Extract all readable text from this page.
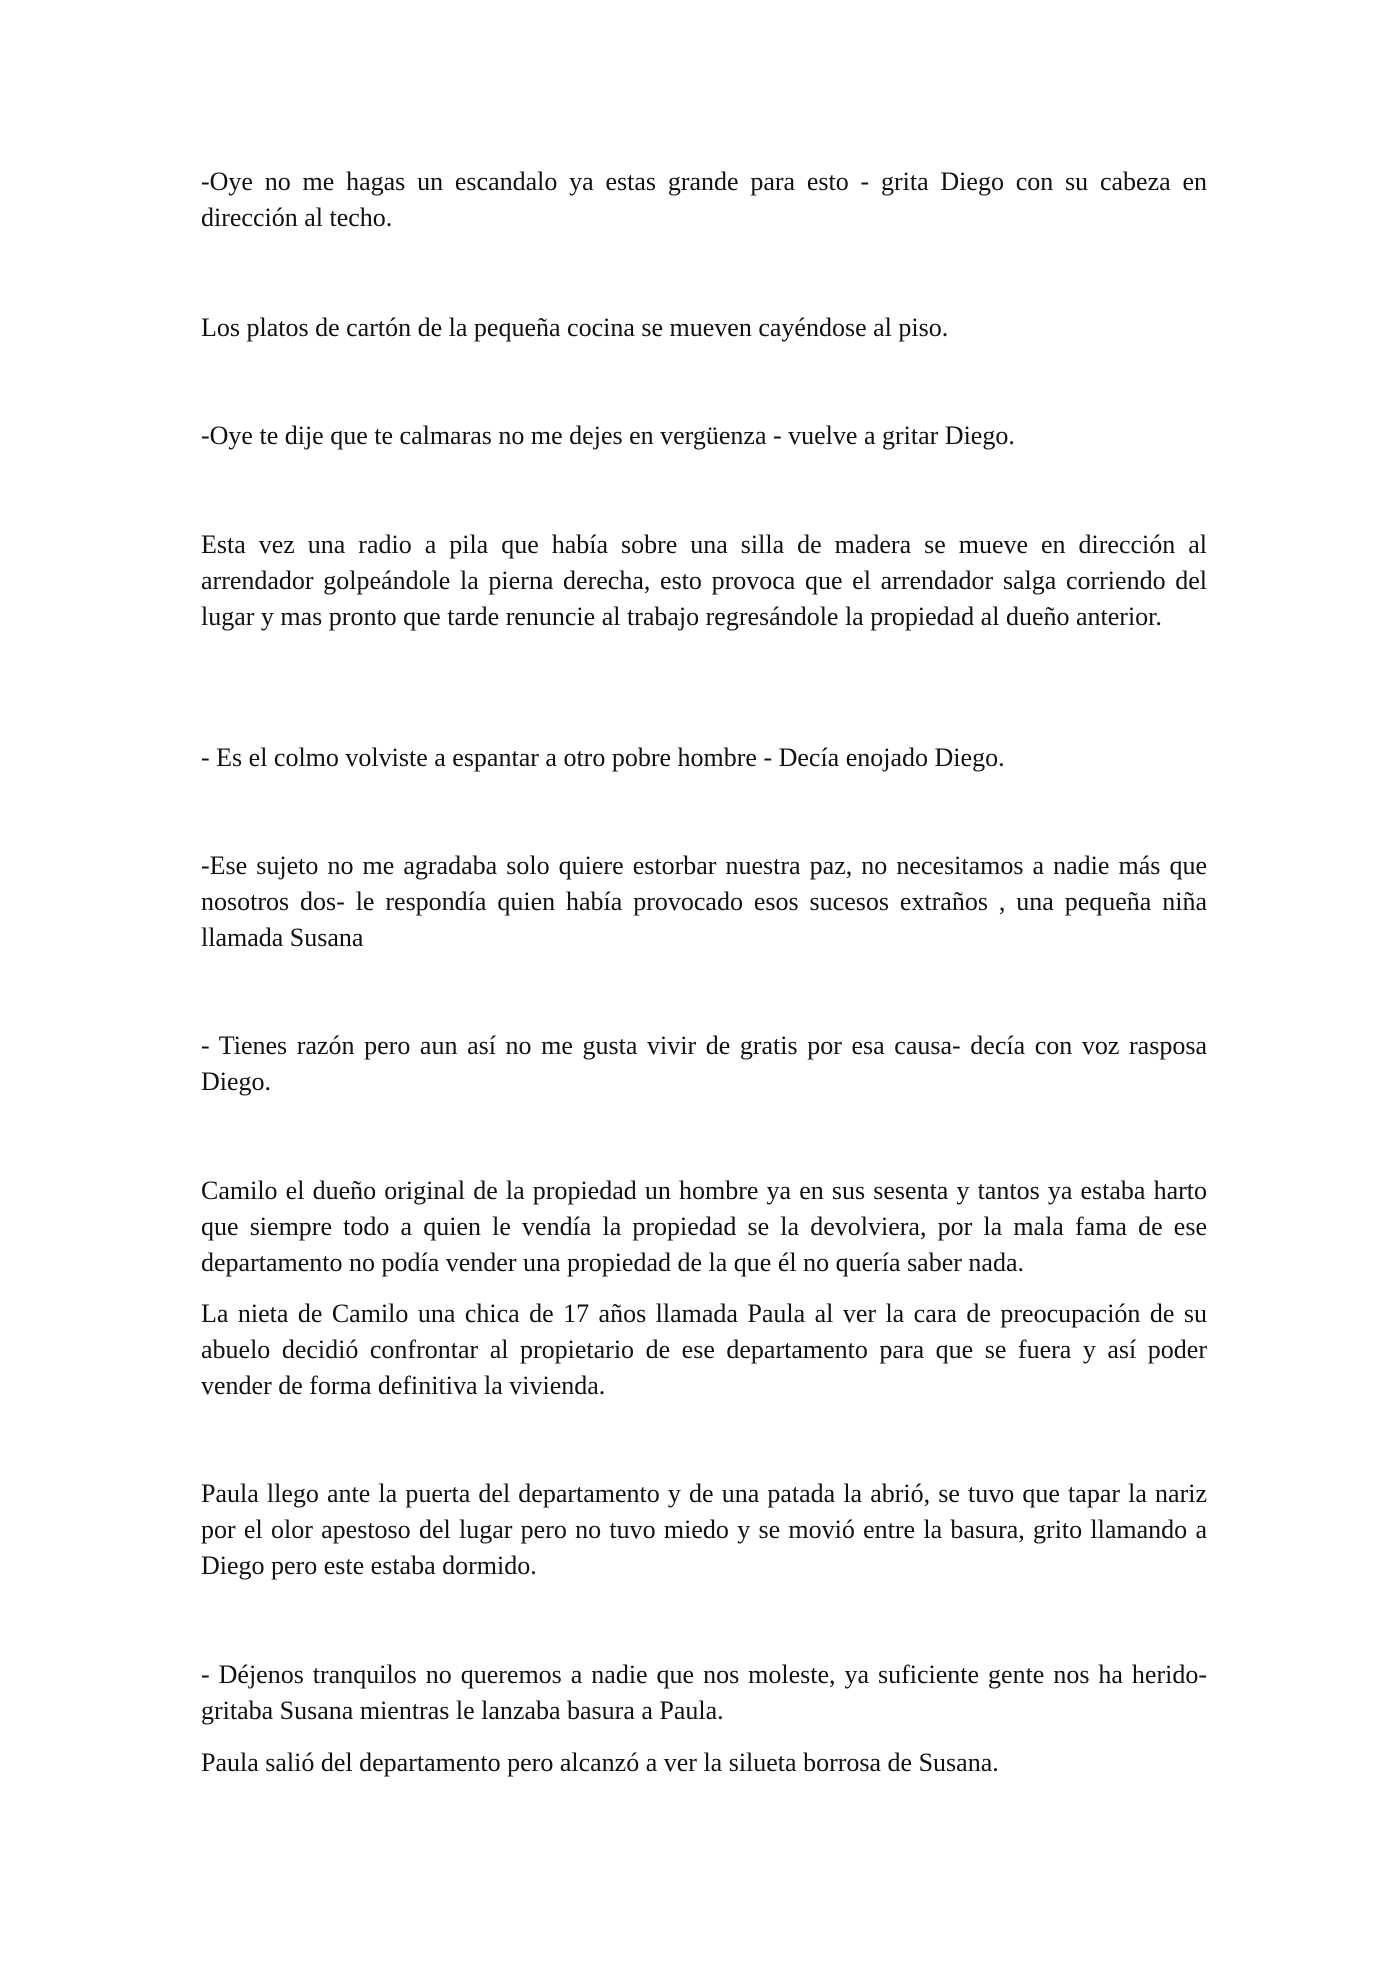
-Oye no me hagas un escandalo ya estas grande para esto - grita Diego con su cabeza en dirección al techo.

Los platos de cartón de la pequeña cocina se mueven cayéndose al piso.

-Oye te dije que te calmaras no me dejes en vergüenza - vuelve a gritar Diego.

Esta vez una radio a pila que había sobre una silla de madera se mueve en dirección al arrendador golpeándole la pierna derecha, esto provoca que el arrendador salga corriendo del lugar y mas pronto que tarde renuncie al trabajo regresándole la propiedad al dueño anterior.

- Es el colmo volviste a espantar a otro pobre hombre - Decía enojado Diego.

-Ese sujeto no me agradaba solo quiere estorbar nuestra paz, no necesitamos a nadie más que nosotros dos- le respondía quien había provocado esos sucesos extraños , una pequeña niña llamada Susana

- Tienes razón pero aun así no me gusta vivir de gratis por esa causa- decía con voz rasposa Diego.

Camilo el dueño original de la propiedad un hombre ya en sus sesenta y tantos ya estaba harto que siempre todo a quien le vendía la propiedad se la devolviera, por la mala fama de ese departamento no podía vender una propiedad de la que él no quería saber nada.

La nieta de Camilo una chica de 17 años llamada Paula al ver la cara de preocupación de su abuelo decidió confrontar al propietario de ese departamento para que se fuera y así poder vender de forma definitiva la vivienda.

Paula llego ante la puerta del departamento y de una patada la abrió, se tuvo que tapar la nariz por el olor apestoso del lugar pero no tuvo miedo y se movió entre la basura, grito llamando a Diego pero este estaba dormido.

- Déjenos tranquilos no queremos a nadie que nos moleste, ya suficiente gente nos ha herido- gritaba Susana mientras le lanzaba basura a Paula.

Paula salió del departamento pero alcanzó a ver la silueta borrosa de Susana.
